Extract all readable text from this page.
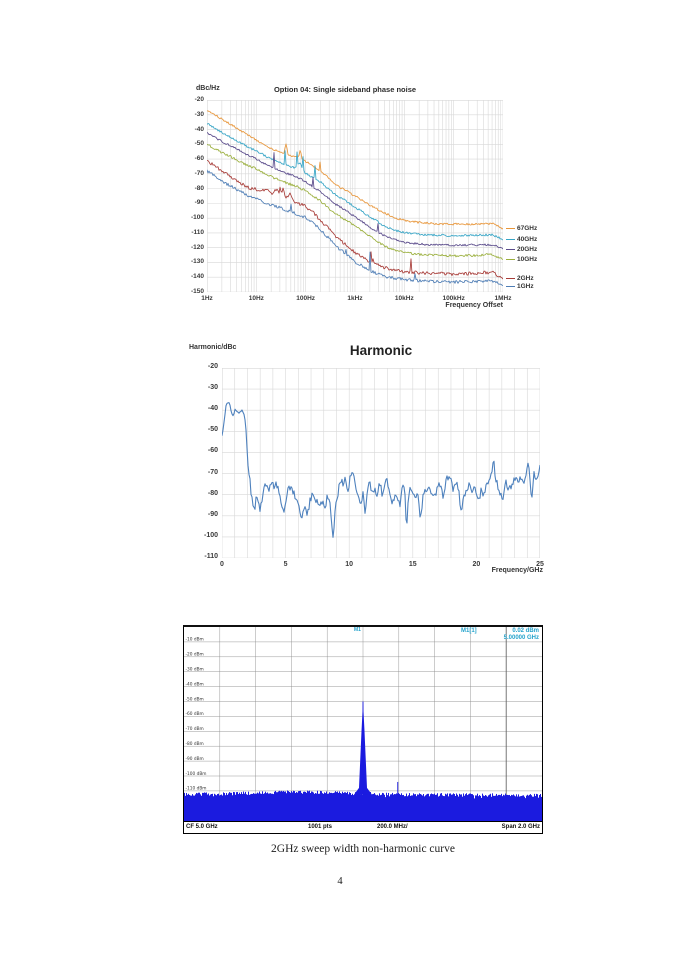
dBc/Hz	Option 04: Single sideband phase noise
Frequency Offset
Harmonic/dBc	Harmonic
Frequency/GHz
M1	M1[1]	0.02 dBm
5.00000 GHz
CF 5.0 GHz	1001 pts	200.0 MHz/	Span 2.0 GHz
2GHz sweep width non-harmonic curve
4
67GHz
40GHz
20GHz
10GHz
2GHz
1GHz
-20
-30
-40
-50
-60
-70
-80
-90
-100
-110
-120
-130
-140
-150
1Hz	10Hz	100Hz	1kHz	10kHz	100kHz	1MHz
-20
-30
-40
-50
-60
-70
-80
-90
-100
-110
0	5	10	15	20	25
